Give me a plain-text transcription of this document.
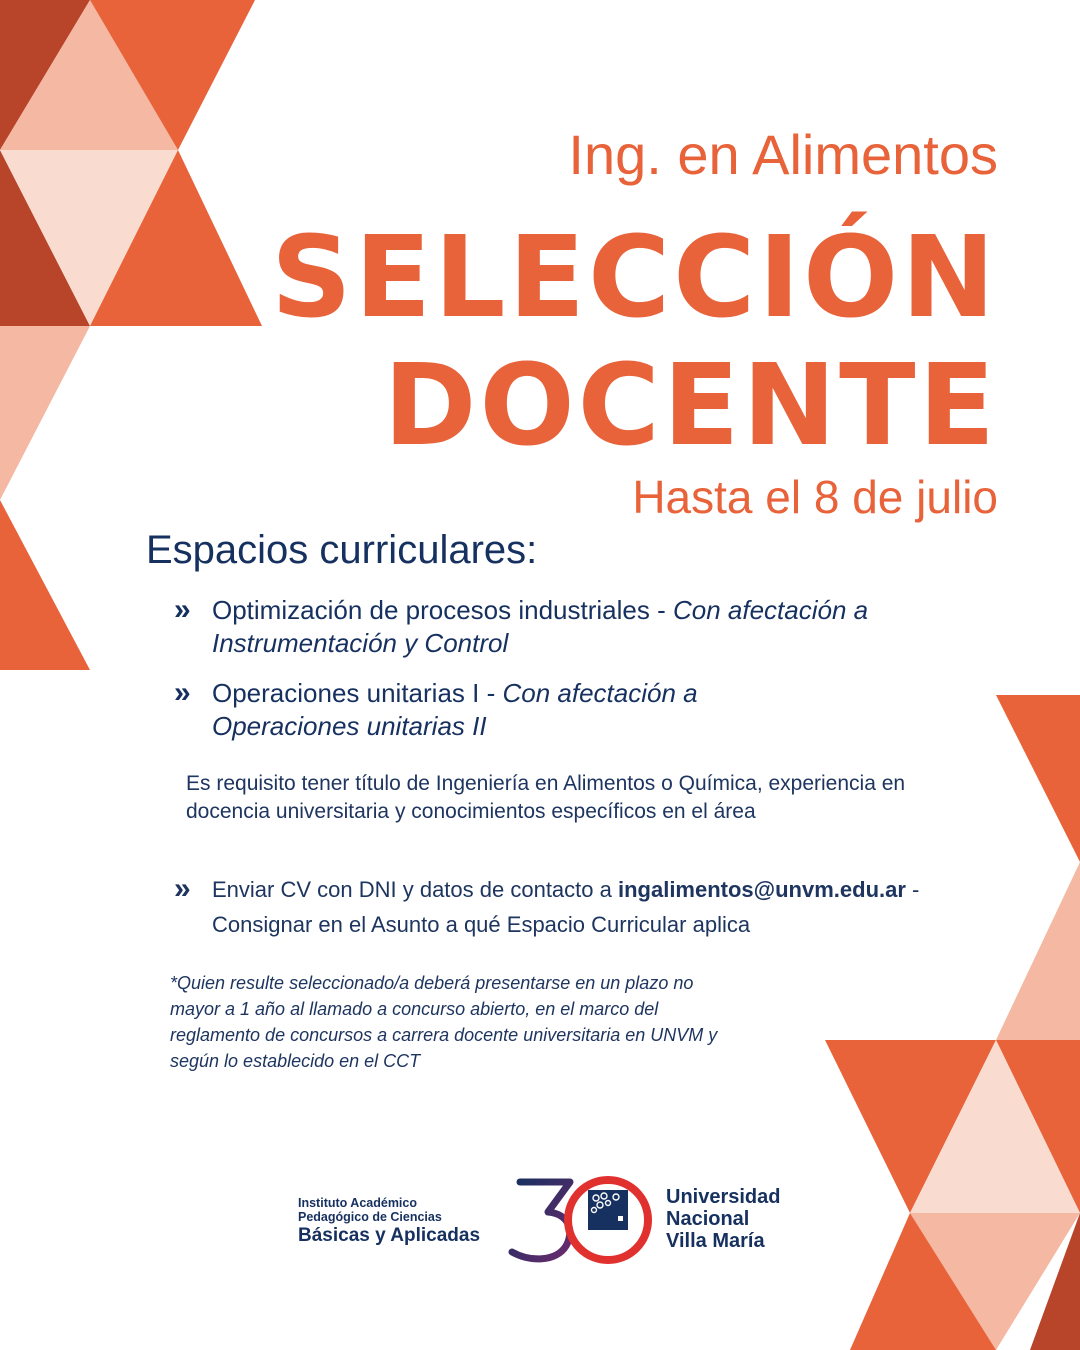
Ing. en Alimentos
SELECCIÓN
DOCENTE
Hasta el 8 de julio
Espacios curriculares:
» Optimización de procesos industriales - Con afectación a Instrumentación y Control
» Operaciones unitarias I - Con afectación a Operaciones unitarias II
Es requisito tener título de Ingeniería en Alimentos o Química, experiencia en docencia universitaria y conocimientos específicos en el área
» Enviar CV con DNI y datos de contacto a ingalimentos@unvm.edu.ar - Consignar en el Asunto a qué Espacio Curricular aplica
*Quien resulte seleccionado/a deberá presentarse en un plazo no mayor a 1 año al llamado a concurso abierto, en el marco del reglamento de concursos a carrera docente universitaria en UNVM y según lo establecido en el CCT
Instituto Académico
Pedagógico de Ciencias
Básicas y Aplicadas
Universidad
Nacional
Villa María
